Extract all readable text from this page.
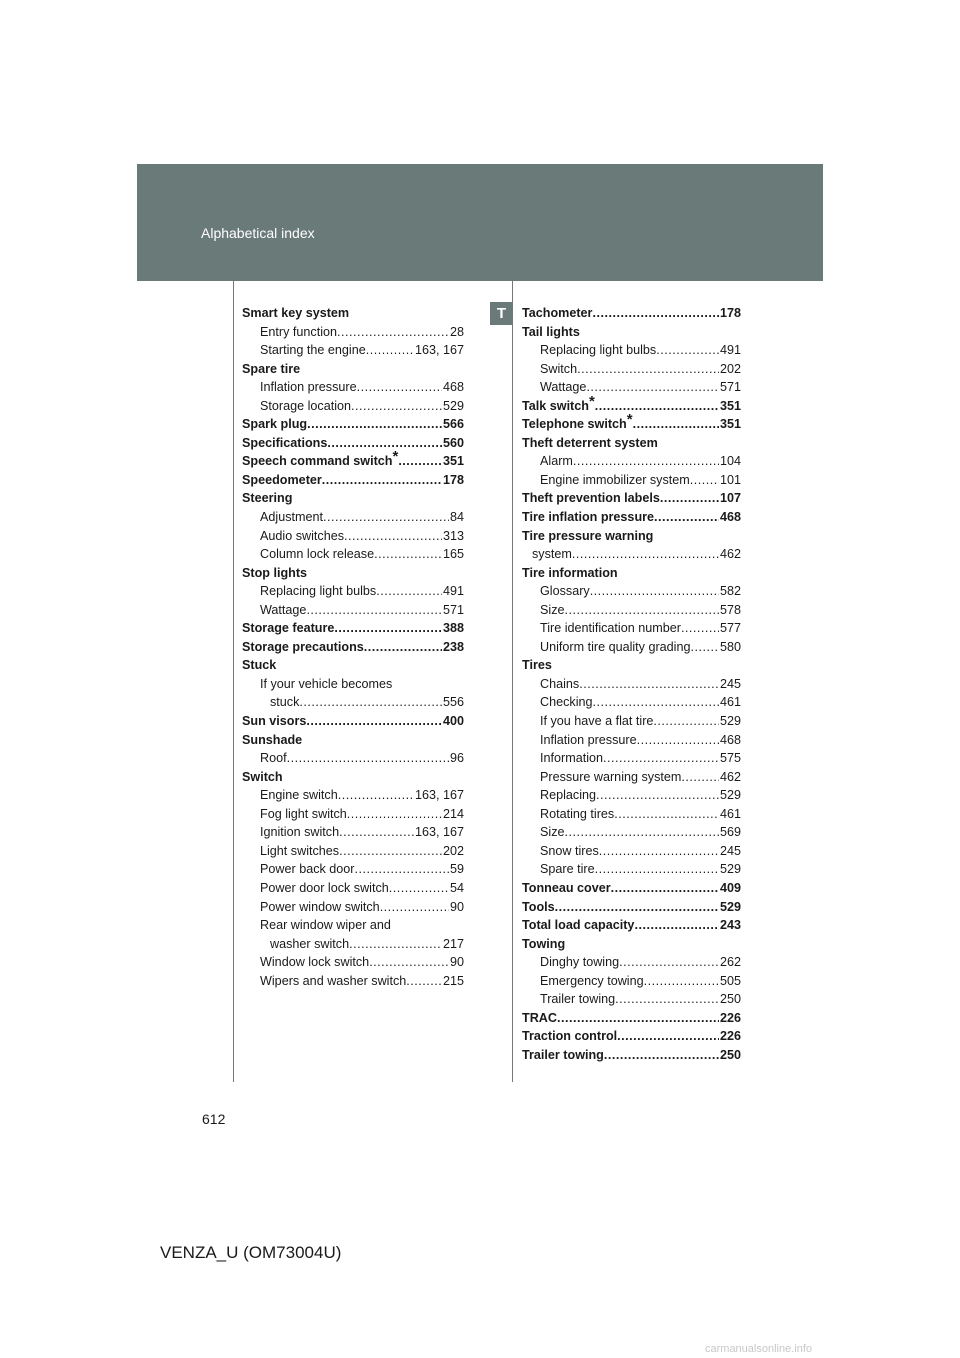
Alphabetical index
T
Smart key system
Entry function .....	28
Starting the engine .....	163, 167
Spare tire
Inflation pressure .....	468
Storage location .....	529
Spark plug .....	566
Specifications .....	560
Speech command switch * .....	351
Speedometer .....	178
Steering
Adjustment .....	84
Audio switches .....	313
Column lock release .....	165
Stop lights
Replacing light bulbs .....	491
Wattage .....	571
Storage feature .....	388
Storage precautions .....	238
Stuck
If your vehicle becomes
stuck .....	556
Sun visors .....	400
Sunshade
Roof .....	96
Switch
Engine switch .....	163, 167
Fog light switch .....	214
Ignition switch .....	163, 167
Light switches .....	202
Power back door .....	59
Power door lock switch .....	54
Power window switch .....	90
Rear window wiper and
washer switch .....	217
Window lock switch .....	90
Wipers and washer switch .....	215
Tachometer .....	178
Tail lights
Replacing light bulbs .....	491
Switch .....	202
Wattage .....	571
Talk switch * .....	351
Telephone switch * .....	351
Theft deterrent system
Alarm .....	104
Engine immobilizer system ..... 101
Theft prevention labels .....	107
Tire inflation pressure .....	468
Tire pressure warning
system .....	462
Tire information
Glossary .....	582
Size .....	578
Tire identification number .....	577
Uniform tire quality grading ..... 580
Tires
Chains .....	245
Checking .....	461
If you have a flat tire .....	529
Inflation pressure .....	468
Information .....	575
Pressure warning system .....	462
Replacing .....	529
Rotating tires .....	461
Size .....	569
Snow tires .....	245
Spare tire .....	529
Tonneau cover .....	409
Tools .....	529
Total load capacity .....	243
Towing
Dinghy towing .....	262
Emergency towing .....	505
Trailer towing .....	250
TRAC .....	226
Traction control .....	226
Trailer towing .....	250
612
VENZA_U (OM73004U)
carmanualsonline.info
